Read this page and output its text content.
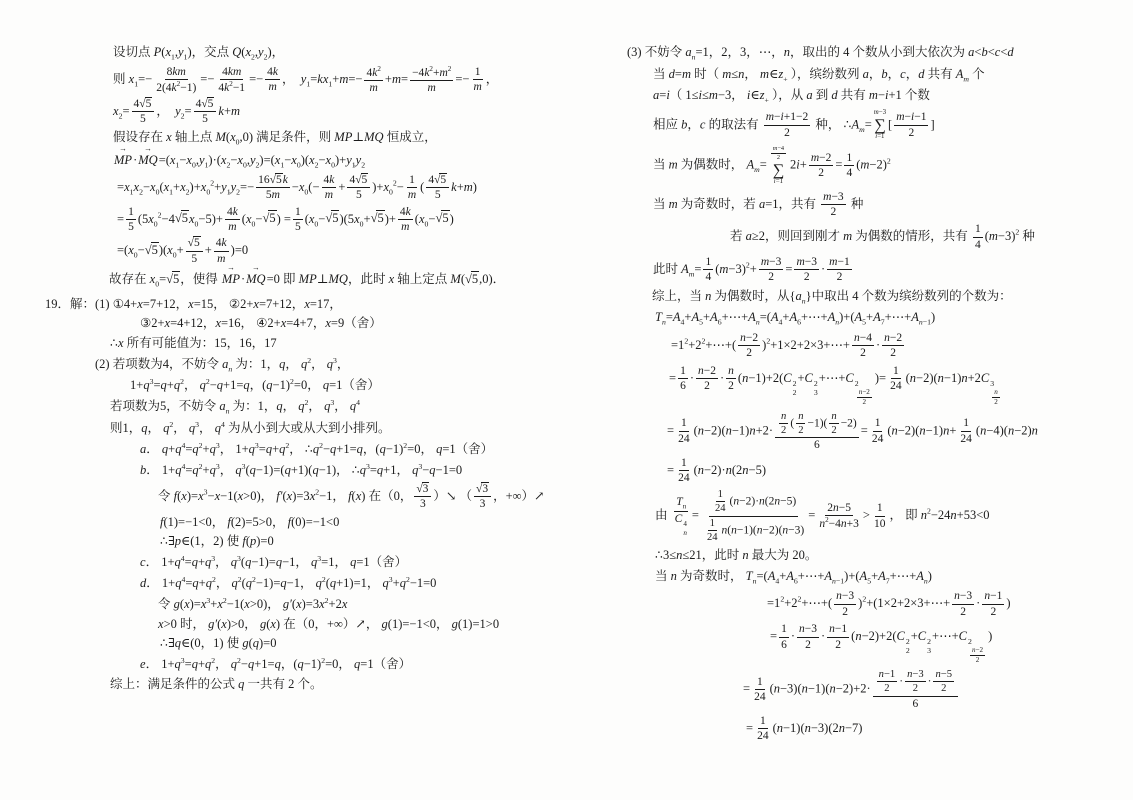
设切点 $P(x_1,y_1)$，交点 $Q(x_2,y_2)$，
则 $x_1=- \frac{8km}{2(4k^2-1)} =- \frac{4km}{4k^2-1} =- \frac{4k}{m}$ ，  $y_1=kx_1+m=- \frac{4k^2}{m} +m= \frac{-4k^2+m^2}{m} =- \frac{1}{m}$ ，
$x_2= \frac{4√5}{5}$ ，  $y_2= \frac{4√5}{5} k+m$
假设存在 x 轴上点 $M(x_0,0)$ 满足条件，则 MP⊥MQ 恒成立，
→
MP·
→
$MQ=(x_1-x_0,y_1)\cdot(x_2-x_0,y_2)=(x_1-x_0)(x_2-x_0)+y_1y_2$
$=x_1x_2-x_0(x_1+x_2)+x_0^2+y_1y_2=- \frac{16√5k}{5m} -x_0(- \frac{4k}{m} + \frac{4√5}{5} )+x_0^2- \frac{1}{m}$ ( $\frac{4√5}{5} k+m$)
= $\frac{1}{5} (5x_0^2-4√5x_0-5)+ \frac{4k}{m} (x_0-√5) = \frac{1}{5} (x_0-√5)(5x_0+√5)+ \frac{4k}{m} (x_0-√5)$
$=(x_0-√5)(x_0+ \frac{√5}{5} + \frac{4k}{m} )=0$
故存在 $x_0=√5$，使得
→
MP·
→
MQ=0 即 MP⊥MQ，此时 x 轴上定点 M(√5,0)．
19．解：(1) ①4+x=7+12，x=15， ②2+x=7+12，x=17，
③2+x=4+12，x=16， ④2+x=4+7，x=9（舍）
∴x 所有可能值为：15，16，17
(2) 若项数为4，不妨令 $a_n$ 为：1，q， $q^2$， $q^3$，
$1+q^3=q+q^2$， $q^2-q+1=q$，$(q-1)^2=0$， q=1（舍）
若项数为5，不妨令 $a_n$ 为：1，q， $q^2$， $q^3$， $q^4$
则1，q， $q^2$， $q^3$， $q^4$ 为从小到大或从大到小排列。
a． $q+q^4=q^2+q^3$， $1+q^3=q+q^2$， $\therefore q^2-q+1=q$，$(q-1)^2=0$， q=1（舍）
b． $1+q^4=q^2+q^3$， $q^3(q-1)=(q+1)(q-1)$， $\therefore q^3=q+1$， $q^3-q-1=0$
令 $f(x)=x^3-x-1(x>0)$， $f'(x)=3x^2-1$， f(x) 在（0， $\frac{√3}{3}$ ）↘ （ $\frac{√3}{3}$ ，+∞）↗
f(1)=−1<0， f(2)=5>0， f(0)=−1<0
∴∃p∈(1，2) 使 f(p)=0
c． $1+q^4=q+q^3$， $q^3(q-1)=q-1$， $q^3=1$， q=1（舍）
d． $1+q^4=q+q^2$， $q^2(q^2-1)=q-1$， $q^2(q+1)=1$， $q^3+q^2-1=0$
令 $g(x)=x^3+x^2-1(x>0)$， $g'(x)=3x^2+2x$
x>0 时， g′(x)>0， g(x) 在（0，+∞）↗， g(1)=−1<0， g(1)=1>0
∴∃q∈(0，1) 使 g(q)=0
e． $1+q^3=q+q^2$， $q^2-q+1=q$，$(q-1)^2=0$， q=1（舍）
综上：满足条件的公式 q 一共有 2 个。
(3) 不妨令 $a_n=1$，2，3，⋯，n，取出的 4 个数从小到大依次为 a<b<c<d
当 d=m 时（ m≤n， $m\in z_+$ ），缤纷数列 a，b，c，d 共有 $A_m$ 个
a=i（ 1≤i≤m−3， $i\in z_+$ ），从 a 到 d 共有 m−i+1 个数
相应 b，c 的取法有 $\frac{m-i+1-2}{2}$ 种， $\therefore A_m=$
m−3
∑
i=1
[ $\frac{m-i-1}{2}$ ]
当 m 为偶数时， $A_m=$
$\frac{m-4}{2}$
∑
i=1
$2i+ \frac{m-2}{2} = \frac{1}{4} (m-2)^2$
当 m 为奇数时，若 a=1，共有 $\frac{m-3}{2}$ 种
若 a≥2，则回到刚才 m 为偶数的情形，共有 $\frac{1}{4} (m-3)^2$ 种
此时 $A_m= \frac{1}{4} (m-3)^2+ \frac{m-3}{2} = \frac{m-3}{2} \cdot \frac{m-1}{2}$
综上，当 n 为偶数时，从$\{a_n\}$中取出 4 个数为缤纷数列的个数为：
$T_n=A_4+A_5+A_6+\cdots+A_n=(A_4+A_6+\cdots+A_n)+(A_5+A_7+\cdots+A_{n-1})$
$=1^2+2^2+\cdots+( \frac{n-2}{2}$ )$^2$+1×2+2×3+⋯+ $\frac{n-4}{2} \cdot \frac{n-2}{2}$
= $\frac{1}{6} \cdot \frac{n-2}{2} \cdot \frac{n}{2} (n-1)+2(C$ 2
2
+C 2
3
+⋯+C 2
$\frac{n-2}{2}$
)= $\frac{1}{24} (n-2)(n-1)n+2C$ 3
$\frac{n}{2}$
= $\frac{1}{24} (n-2)(n-1)n+2\cdot \frac{\frac{n}{2} ( \frac{n}{2} -1)( \frac{n}{2} -2)}{6} = \frac{1}{24} (n-2)(n-1)n+ \frac{1}{24} (n-4)(n-2)n$
= $\frac{1}{24} (n-2)\cdot n(2n-5)$
由 $T_n$
C 4
$n = \frac{\frac{1}{24} (n-2)\cdot n(2n-5)}{\frac{1}{24} n(n-1)(n-2)(n-3)} = \frac{2n-5}{n^2-4n+3} > \frac{1}{10}$ ， 即 $n^2-24n+53<0$
∴3≤n≤21，此时 n 最大为 20。
当 n 为奇数时， $T_n=(A_4+A_6+\cdots+A_{n-1})+(A_5+A_7+\cdots+A_n)$
$=1^2+2^2+\cdots+( \frac{n-3}{2}$ )$^2$+(1×2+2×3+⋯+ $\frac{n-3}{2} \cdot \frac{n-1}{2}$ )
= $\frac{1}{6} \cdot \frac{n-3}{2} \cdot \frac{n-1}{2} (n-2)+2(C$ 2
2
+C 2
3
+⋯+C 2
$\frac{n-2}{2}$
)
= $\frac{1}{24} (n-3)(n-1)(n-2)+2\cdot \frac{\frac{n-1}{2} \cdot \frac{n-3}{2} \cdot \frac{n-5}{2}}{6}$
= $\frac{1}{24} (n-1)(n-3)(2n-7)$
